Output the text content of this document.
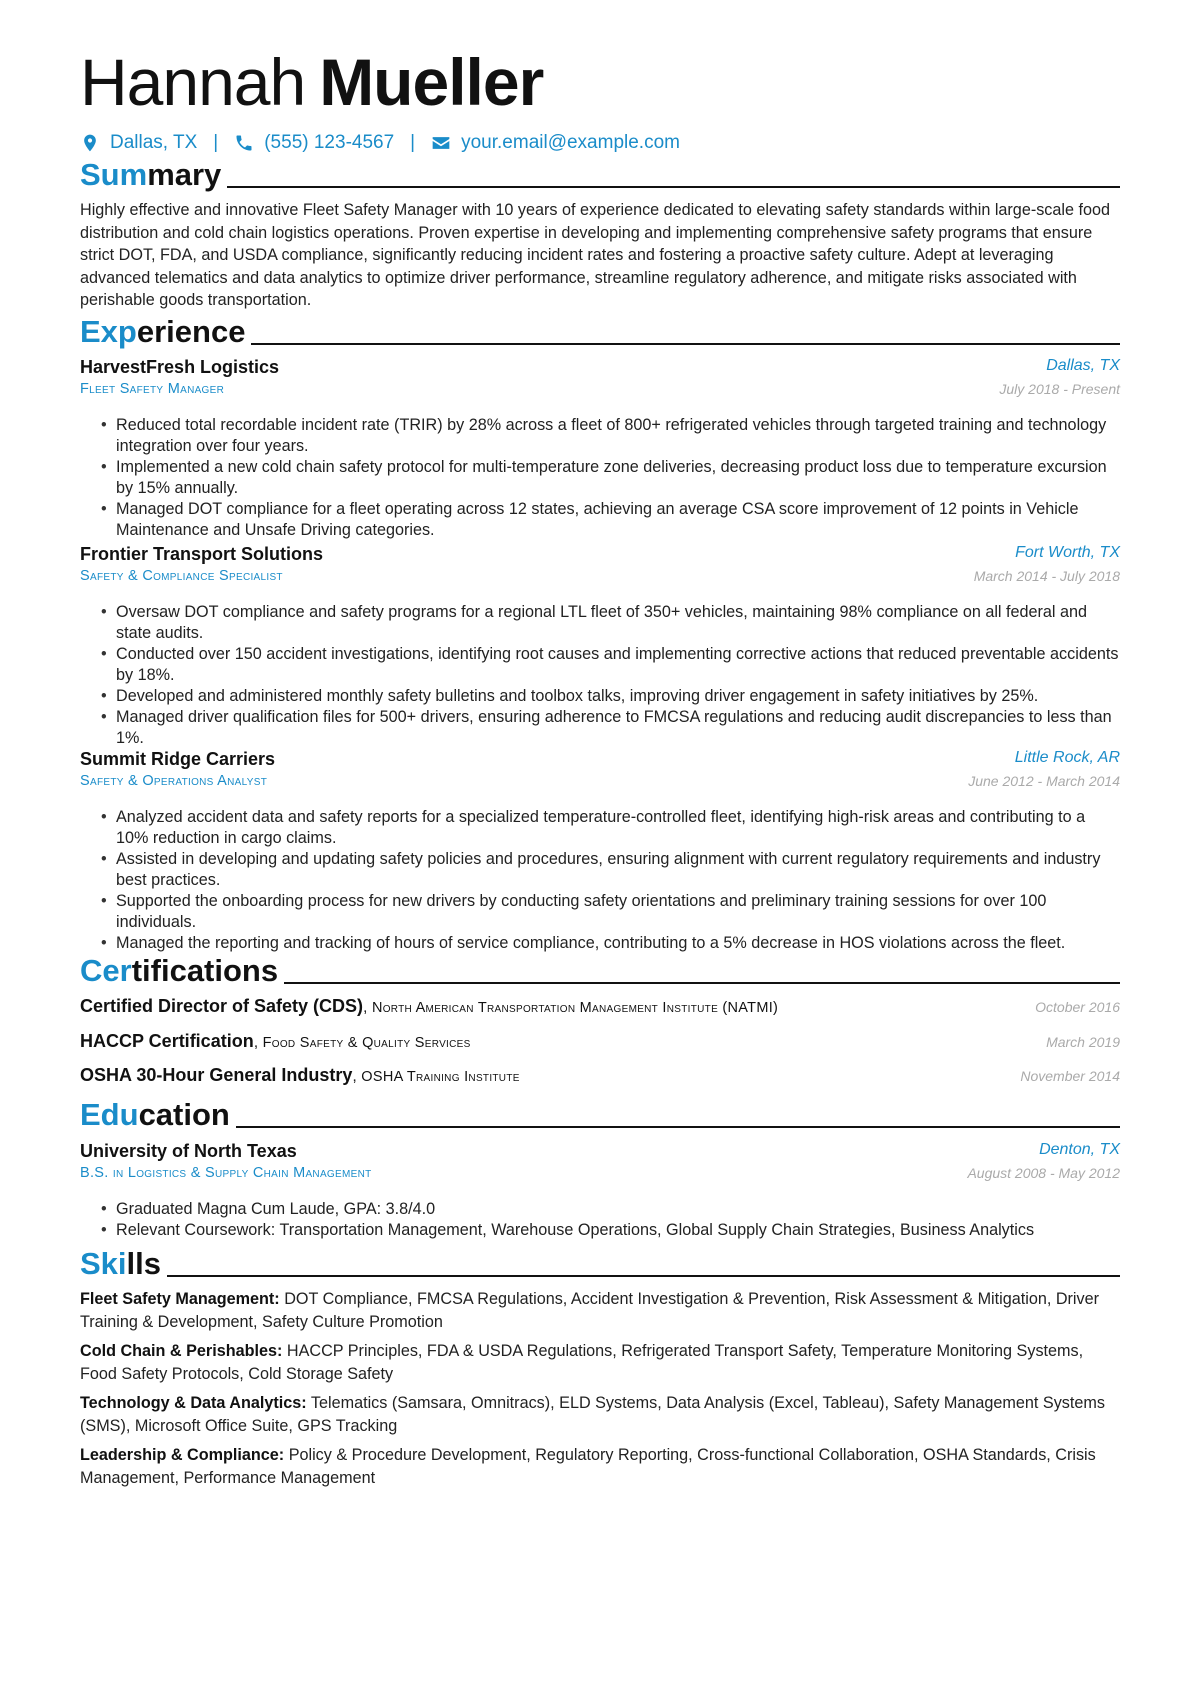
Hannah Mueller
Dallas, TX | (555) 123-4567 | your.email@example.com
Summary
Highly effective and innovative Fleet Safety Manager with 10 years of experience dedicated to elevating safety standards within large-scale food distribution and cold chain logistics operations. Proven expertise in developing and implementing comprehensive safety programs that ensure strict DOT, FDA, and USDA compliance, significantly reducing incident rates and fostering a proactive safety culture. Adept at leveraging advanced telematics and data analytics to optimize driver performance, streamline regulatory adherence, and mitigate risks associated with perishable goods transportation.
Experience
HarvestFresh Logistics	Dallas, TX
Fleet Safety Manager	July 2018 - Present
• Reduced total recordable incident rate (TRIR) by 28% across a fleet of 800+ refrigerated vehicles through targeted training and technology integration over four years.
• Implemented a new cold chain safety protocol for multi-temperature zone deliveries, decreasing product loss due to temperature excursion by 15% annually.
• Managed DOT compliance for a fleet operating across 12 states, achieving an average CSA score improvement of 12 points in Vehicle Maintenance and Unsafe Driving categories.
Frontier Transport Solutions	Fort Worth, TX
Safety & Compliance Specialist	March 2014 - July 2018
• Oversaw DOT compliance and safety programs for a regional LTL fleet of 350+ vehicles, maintaining 98% compliance on all federal and state audits.
• Conducted over 150 accident investigations, identifying root causes and implementing corrective actions that reduced preventable accidents by 18%.
• Developed and administered monthly safety bulletins and toolbox talks, improving driver engagement in safety initiatives by 25%.
• Managed driver qualification files for 500+ drivers, ensuring adherence to FMCSA regulations and reducing audit discrepancies to less than 1%.
Summit Ridge Carriers	Little Rock, AR
Safety & Operations Analyst	June 2012 - March 2014
• Analyzed accident data and safety reports for a specialized temperature-controlled fleet, identifying high-risk areas and contributing to a 10% reduction in cargo claims.
• Assisted in developing and updating safety policies and procedures, ensuring alignment with current regulatory requirements and industry best practices.
• Supported the onboarding process for new drivers by conducting safety orientations and preliminary training sessions for over 100 individuals.
• Managed the reporting and tracking of hours of service compliance, contributing to a 5% decrease in HOS violations across the fleet.
Certifications
Certified Director of Safety (CDS), North American Transportation Management Institute (NATMI)	October 2016
HACCP Certification, Food Safety & Quality Services	March 2019
OSHA 30-Hour General Industry, OSHA Training Institute	November 2014
Education
University of North Texas	Denton, TX
B.S. in Logistics & Supply Chain Management	August 2008 - May 2012
• Graduated Magna Cum Laude, GPA: 3.8/4.0
• Relevant Coursework: Transportation Management, Warehouse Operations, Global Supply Chain Strategies, Business Analytics
Skills
Fleet Safety Management: DOT Compliance, FMCSA Regulations, Accident Investigation & Prevention, Risk Assessment & Mitigation, Driver Training & Development, Safety Culture Promotion
Cold Chain & Perishables: HACCP Principles, FDA & USDA Regulations, Refrigerated Transport Safety, Temperature Monitoring Systems, Food Safety Protocols, Cold Storage Safety
Technology & Data Analytics: Telematics (Samsara, Omnitracs), ELD Systems, Data Analysis (Excel, Tableau), Safety Management Systems (SMS), Microsoft Office Suite, GPS Tracking
Leadership & Compliance: Policy & Procedure Development, Regulatory Reporting, Cross-functional Collaboration, OSHA Standards, Crisis Management, Performance Management
